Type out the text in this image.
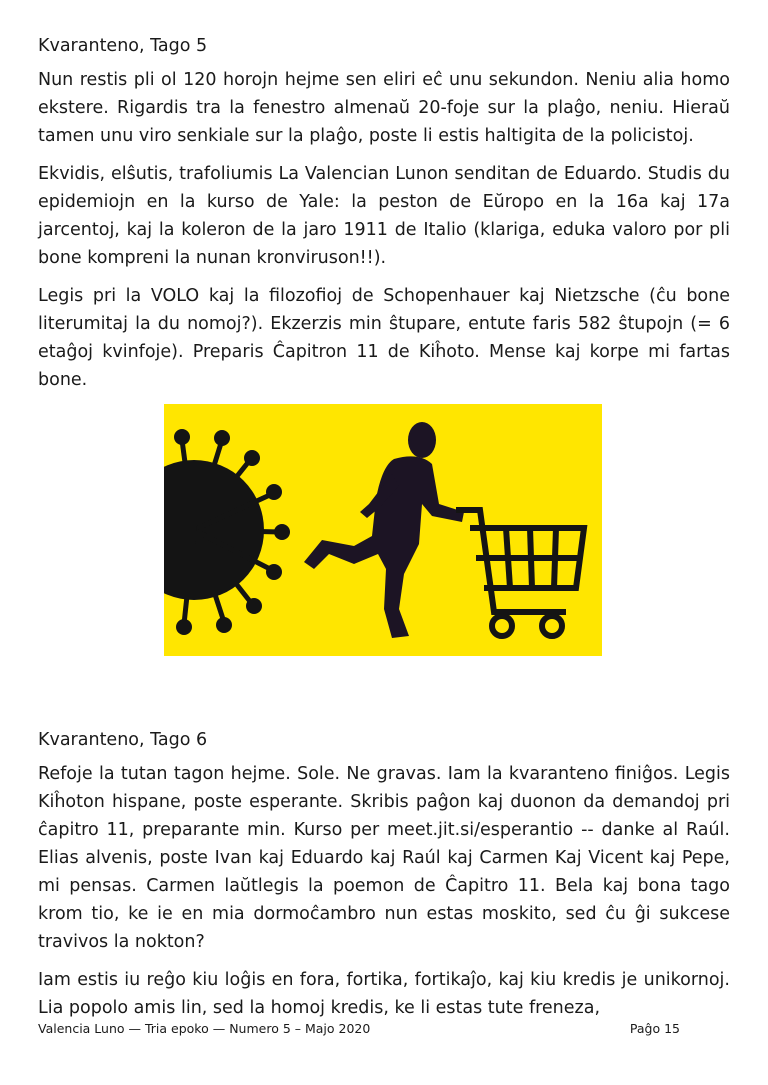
Kvaranteno, Tago 5

Nun restis pli ol 120 horojn hejme sen eliri eĉ unu sekundon. Neniu alia homo ekstere. Rigardis tra la fenestro almenaŭ 20-foje sur la plaĝo, neniu. Hieraŭ tamen unu viro senkiale sur la plaĝo, poste li estis haltigita de la policistoj.

Ekvidis, elŝutis, trafoliumis La Valencian Lunon senditan de Eduardo. Studis du epidemiojn en la kurso de Yale: la peston de Eŭropo en la 16a kaj 17a jarcentoj, kaj la koleron de la jaro 1911 de Italio (klariga, eduka valoro por pli bone kompreni la nunan kronviruson!!).

Legis pri la VOLO kaj la filozofioj de Schopenhauer kaj Nietzsche (ĉu bone literumitaj la du nomoj?). Ekzerzis min ŝtupare, entute faris 582 ŝtupojn (= 6 etaĝoj kvinfoje). Preparis Ĉapitron 11 de Kiĥoto. Mense kaj korpe mi fartas bone.

Kvaranteno, Tago 6

Refoje la tutan tagon hejme. Sole. Ne gravas. Iam la kvaranteno finiĝos. Legis Kiĥoton hispane, poste esperante. Skribis paĝon kaj duonon da demandoj pri ĉapitro 11, preparante min. Kurso per meet.jit.si/esperantio -- danke al Raúl. Elias alvenis, poste Ivan kaj Eduardo kaj Raúl kaj Carmen Kaj Vicent kaj Pepe, mi pensas. Carmen laŭtlegis la poemon de Ĉapitro 11. Bela kaj bona tago krom tio, ke ie en mia dormoĉambro nun estas moskito, sed ĉu ĝi sukcese travivos la nokton?

Iam estis iu reĝo kiu loĝis en fora, fortika, fortikaĵo, kaj kiu kredis je unikornoj. Lia popolo amis lin, sed la homoj kredis, ke li estas tute freneza,

Valencia Luno — Tria epoko — Numero 5 – Majo 2020	Paĝo 15
